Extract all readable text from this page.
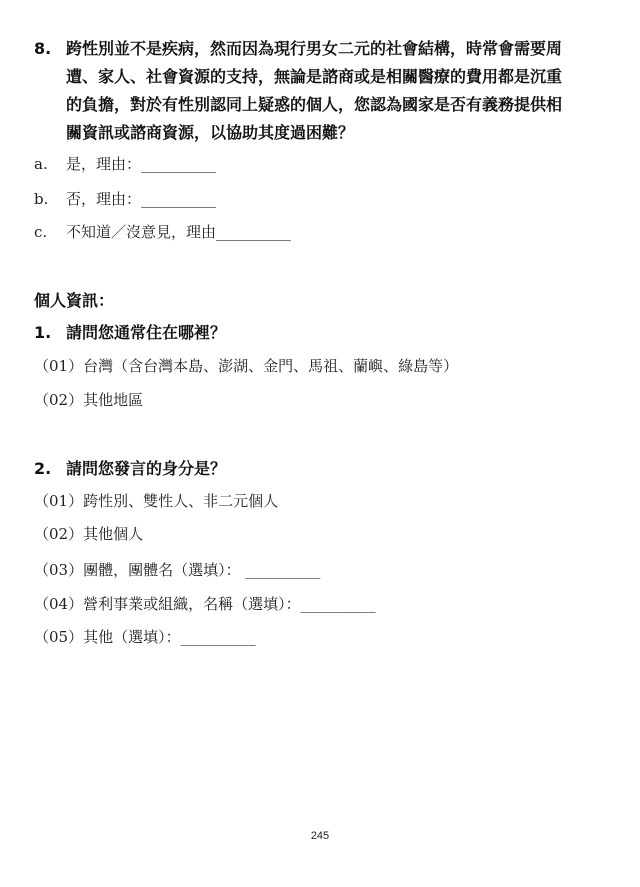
8. 跨性別並不是疾病，然而因為現行男女二元的社會結構，時常會需要周
遭、家人、社會資源的支持，無論是諮商或是相關醫療的費用都是沉重
的負擔，對於有性別認同上疑惑的個人，您認為國家是否有義務提供相
關資訊或諮商資源，以協助其度過困難？
a. 是，理由：__________
b. 否，理由：__________
c. 不知道／沒意見，理由__________
個人資訊：
1. 請問您通常住在哪裡？
（01）台灣（含台灣本島、澎湖、金門、馬祖、蘭嶼、綠島等）
（02）其他地區
2. 請問您發言的身分是？
（01）跨性別、雙性人、非二元個人
（02）其他個人
（03）團體，團體名（選填）： __________
（04）營利事業或組織，名稱（選填）：__________
（05）其他（選填）：__________
245
